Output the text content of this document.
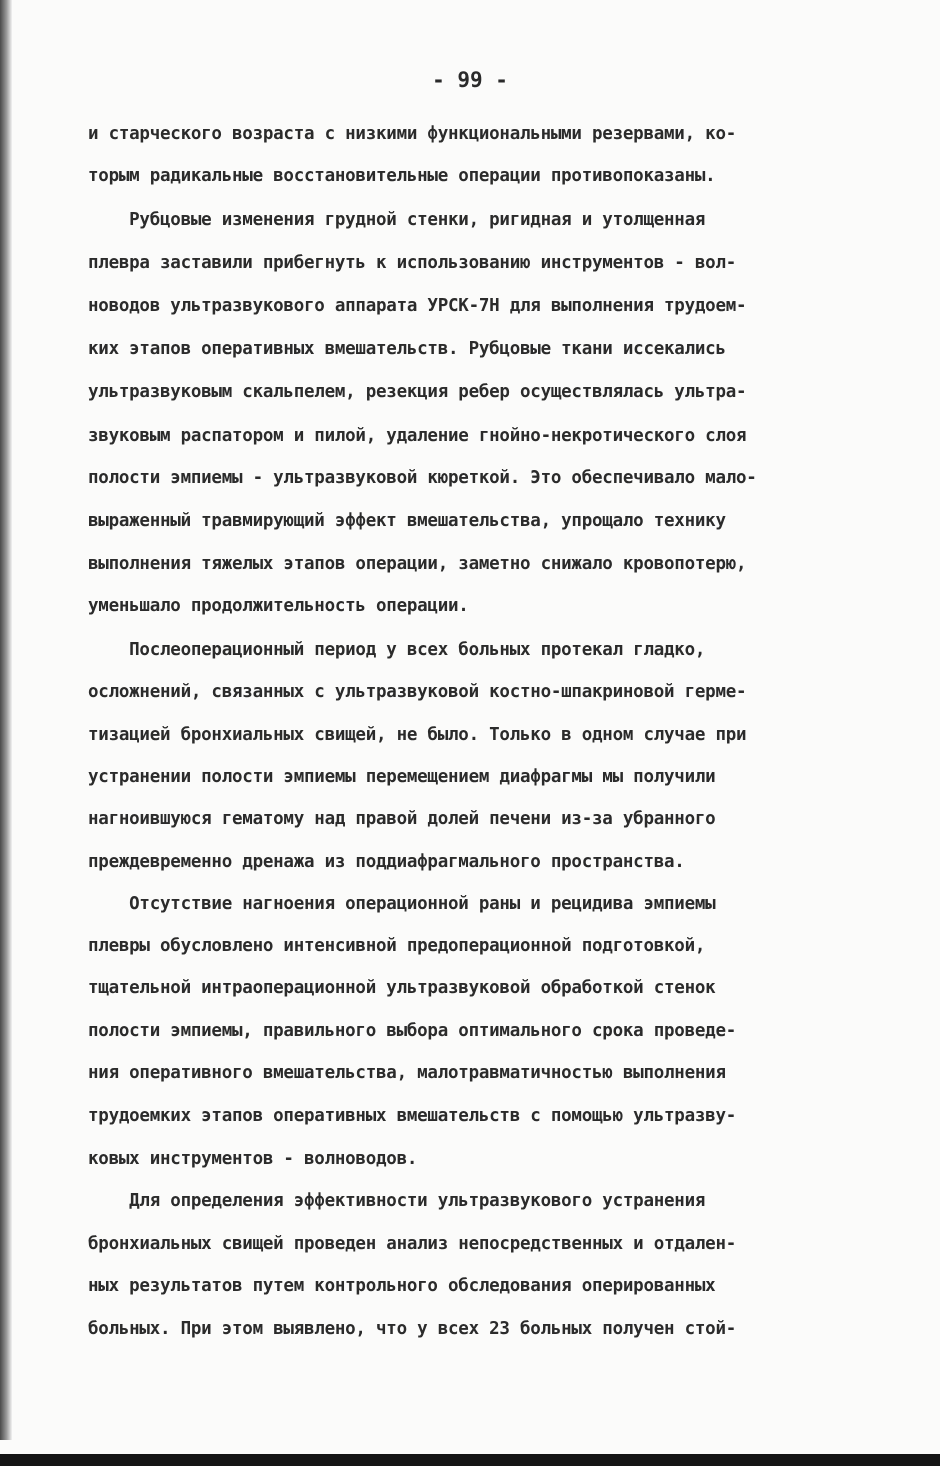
- 99 -
и старческого возраста с низкими функциональными резервами, ко-
торым радикальные восстановительные операции противопоказаны.
Рубцовые изменения грудной стенки, ригидная и утолщенная
плевра заставили прибегнуть к использованию инструментов - вол-
новодов ультразвукового аппарата УРСК-7Н для выполнения трудоем-
ких этапов оперативных вмешательств. Рубцовые ткани иссекались
ультразвуковым скальпелем, резекция ребер осуществлялась ультра-
звуковым распатором и пилой, удаление гнойно-некротического слоя
полости эмпиемы - ультразвуковой кюреткой. Это обеспечивало мало-
выраженный травмирующий эффект вмешательства, упрощало технику
выполнения тяжелых этапов операции, заметно снижало кровопотерю,
уменьшало продолжительность операции.
Послеоперационный период у всех больных протекал гладко,
осложнений, связанных с ультразвуковой костно-шпакриновой герме-
тизацией бронхиальных свищей, не было. Только в одном случае при
устранении полости эмпиемы перемещением диафрагмы мы получили
нагноившуюся гематому над правой долей печени из-за убранного
преждевременно дренажа из поддиафрагмального пространства.
Отсутствие нагноения операционной раны и рецидива эмпиемы
плевры обусловлено интенсивной предоперационной подготовкой,
тщательной интраоперационной ультразвуковой обработкой стенок
полости эмпиемы, правильного выбора оптимального срока проведе-
ния оперативного вмешательства, малотравматичностью выполнения
трудоемких этапов оперативных вмешательств с помощью ультразву-
ковых инструментов - волноводов.
Для определения эффективности ультразвукового устранения
бронхиальных свищей проведен анализ непосредственных и отдален-
ных результатов путем контрольного обследования оперированных
больных. При этом выявлено, что у всех 23 больных получен стой-
